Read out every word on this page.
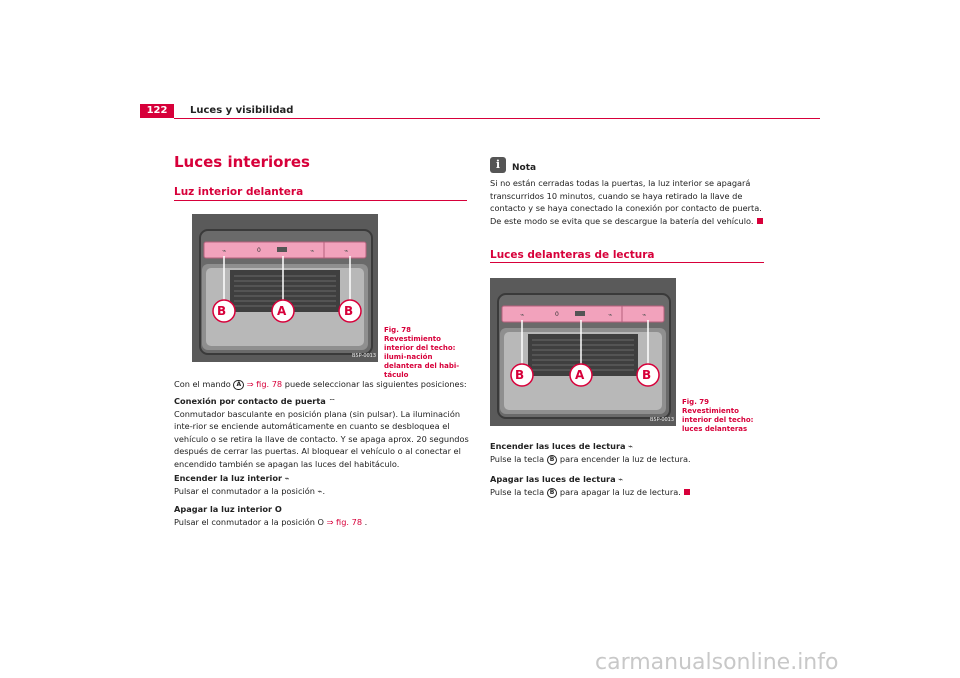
122	Luces y visibilidad
Luces interiores
Luz interior delantera
0
⌁	⌁	⌁
B	A	B
B5P-0013
Fig. 78 Revestimiento interior del techo: ilumi-nación delantera del habi-táculo
Con el mando A ⇒ fig. 78 puede seleccionar las siguientes posiciones:
Conexión por contacto de puerta ⌔
Conmutador basculante en posición plana (sin pulsar). La iluminación inte-rior se enciende automáticamente en cuanto se desbloquea el vehículo o se retira la llave de contacto. Y se apaga aprox. 20 segundos después de cerrar las puertas. Al bloquear el vehículo o al conectar el encendido también se apagan las luces del habitáculo.
Encender la luz interior ⌁
Pulsar el conmutador a la posición ⌁.
Apagar la luz interior O
Pulsar el conmutador a la posición O ⇒ fig. 78 .
i	Nota
Si no están cerradas todas la puertas, la luz interior se apagará transcurridos 10 minutos, cuando se haya retirado la llave de contacto y se haya conectado la conexión por contacto de puerta. De este modo se evita que se descargue la batería del vehículo.
Luces delanteras de lectura
0
⌁	⌁	⌁
B	A	B
B5P-0013
Fig. 79 Revestimiento interior del techo: luces delanteras
Encender las luces de lectura ⌁
Pulse la tecla B para encender la luz de lectura.
Apagar las luces de lectura ⌁
Pulse la tecla B para apagar la luz de lectura.
carmanualsonline.info
